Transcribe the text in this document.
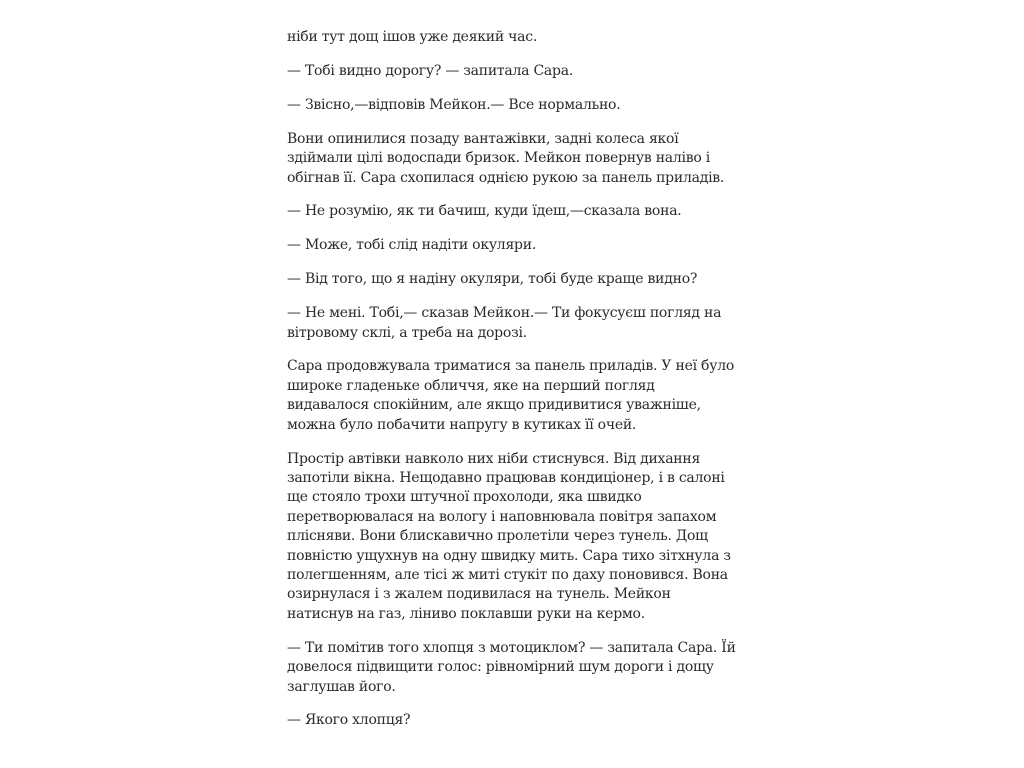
ніби тут дощ ішов уже деякий час.

— Тобі видно дорогу? — запитала Сара.

— Звісно,—відповів Мейкон.— Все нормально.

Вони опинилися позаду вантажівки, задні колеса якої здіймали цілі водоспади бризок. Мейкон повернув наліво і обігнав її. Сара схопилася однією рукою за панель приладів.

— Не розумію, як ти бачиш, куди їдеш,—сказала вона.

— Може, тобі слід надіти окуляри.

— Від того, що я надіну окуляри, тобі буде краще видно?

— Не мені. Тобі,— сказав Мейкон.— Ти фокусуєш погляд на вітровому склі, а треба на дорозі.

Сара продовжувала триматися за панель приладів. У неї було широке гладеньке обличчя, яке на перший погляд видавалося спокійним, але якщо придивитися уважніше, можна було побачити напругу в кутиках її очей.

Простір автівки навколо них ніби стиснувся. Від дихання запотіли вікна. Нещодавно працював кондиціонер, і в салоні ще стояло трохи штучної прохолоди, яка швидко перетворювалася на вологу і наповнювала повітря запахом плісняви. Вони блискавично пролетіли через тунель. Дощ повністю ущухнув на одну швидку мить. Сара тихо зітхнула з полегшенням, але тісі ж миті стукіт по даху поновився. Вона озирнулася і з жалем подивилася на тунель. Мейкон натиснув на газ, ліниво поклавши руки на кермо.

— Ти помітив того хлопця з мотоциклом? — запитала Сара. Їй довелося підвищити голос: рівномірний шум дороги і дощу заглушав його.

— Якого хлопця?
